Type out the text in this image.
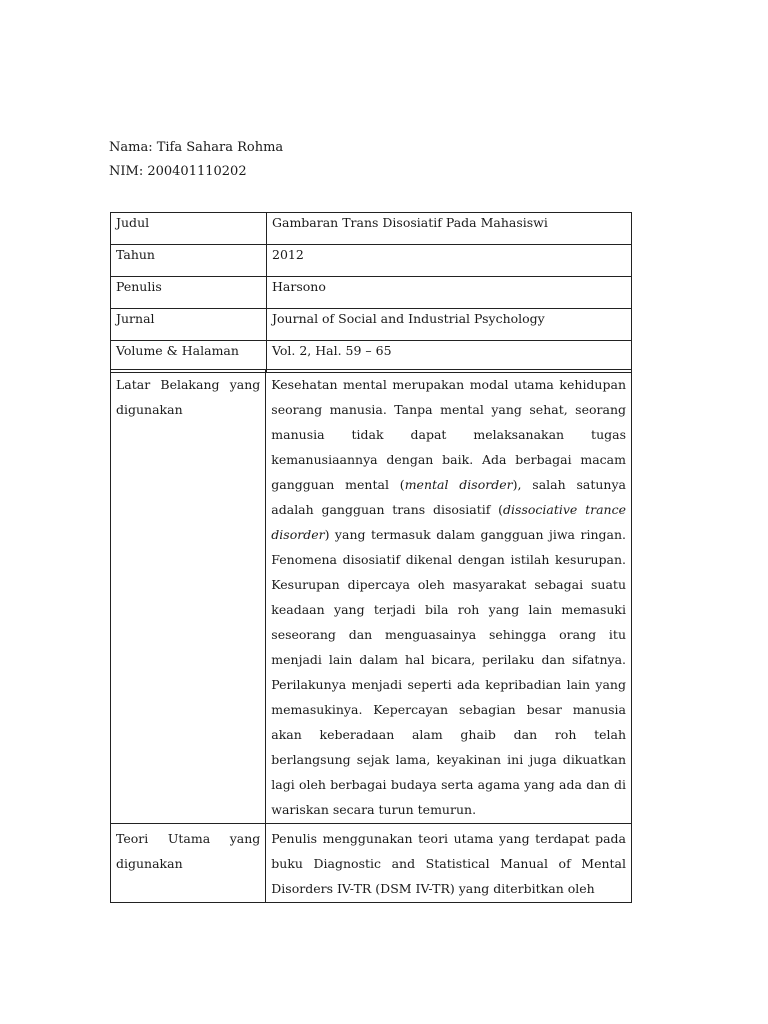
Nama: Tifa Sahara Rohma
NIM: 200401110202
Judul	Gambaran Trans Disosiatif Pada Mahasiswi
Tahun	2012
Penulis	Harsono
Jurnal	Journal of Social and Industrial Psychology
Volume & Halaman	Vol. 2, Hal. 59 – 65
Latar Belakang yang digunakan	Kesehatan mental merupakan modal utama kehidupan seorang manusia. Tanpa mental yang sehat, seorang manusia tidak dapat melaksanakan tugas kemanusiaannya dengan baik. Ada berbagai macam gangguan mental (mental disorder), salah satunya adalah gangguan trans disosiatif (dissociative trance disorder) yang termasuk dalam gangguan jiwa ringan. Fenomena disosiatif dikenal dengan istilah kesurupan. Kesurupan dipercaya oleh masyarakat sebagai suatu keadaan yang terjadi bila roh yang lain memasuki seseorang dan menguasainya sehingga orang itu menjadi lain dalam hal bicara, perilaku dan sifatnya. Perilakunya menjadi seperti ada kepribadian lain yang memasukinya. Kepercayan sebagian besar manusia akan keberadaan alam ghaib dan roh telah berlangsung sejak lama, keyakinan ini juga dikuatkan lagi oleh berbagai budaya serta agama yang ada dan di wariskan secara turun temurun.
Teori Utama yang digunakan	Penulis menggunakan teori utama yang terdapat pada buku Diagnostic and Statistical Manual of Mental Disorders IV-TR (DSM IV-TR) yang diterbitkan oleh
